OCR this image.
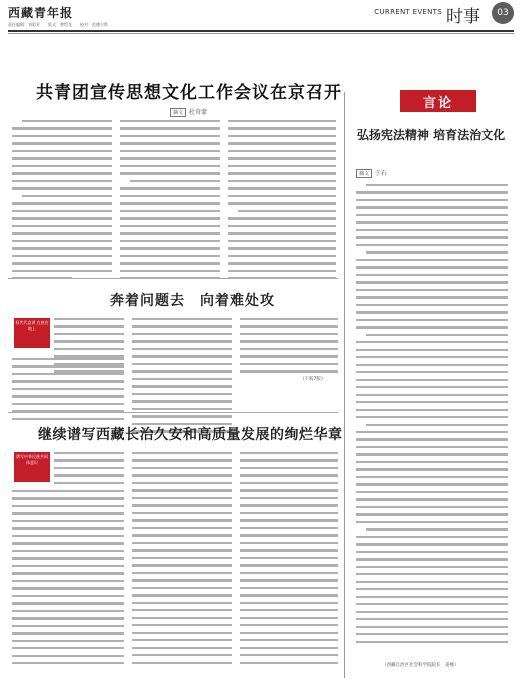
西藏青年报
责任编辑：刘彩芳　　版式：曾绍龙　　校对：范德尔斯
CURRENT EVENTS 时事	03
共青团宣传思想文化工作会议在京召开
摘文 杜奇蒙
奔着问题去　向着难处攻
权代代直讲 在底在地上
（下转7版）
继续谱写西藏长治久安和高质量发展的绚烂华章
谱写中华民族共同体意识
言论
弘扬宪法精神 培育法治文化
摘文 于石
（西藏自治区社会科学院院长　姜峰）
